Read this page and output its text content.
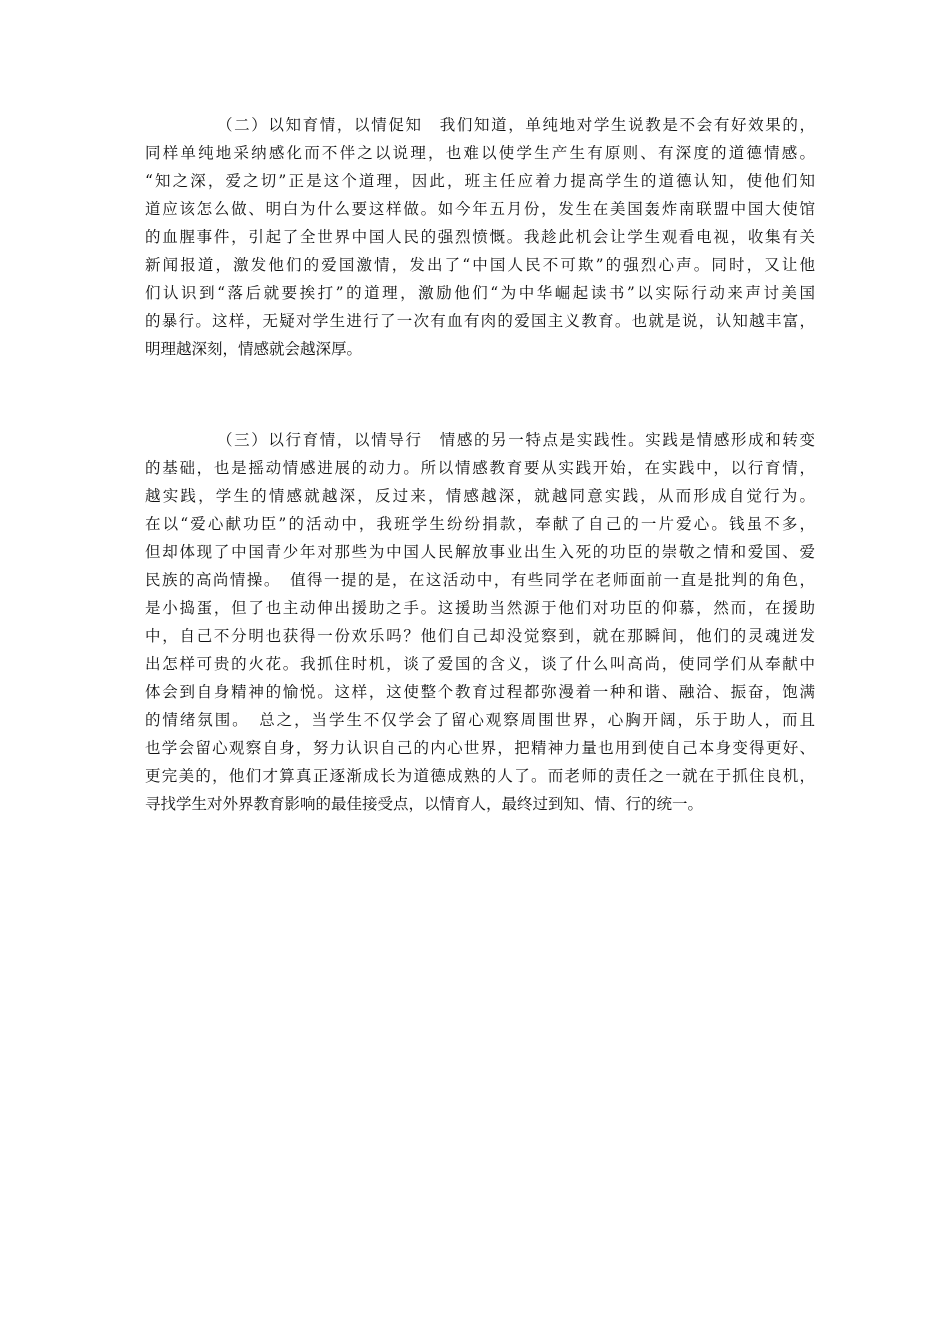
（二）以知育情，以情促知　我们知道，单纯地对学生说教是不会有好效果的，
同样单纯地采纳感化而不伴之以说理，也难以使学生产生有原则、有深度的道德情感。
“知之深，爱之切”正是这个道理，因此，班主任应着力提高学生的道德认知，使他们知
道应该怎么做、明白为什么要这样做。如今年五月份，发生在美国轰炸南联盟中国大使馆
的血腥事件，引起了全世界中国人民的强烈愤慨。我趁此机会让学生观看电视，收集有关
新闻报道，激发他们的爱国激情，发出了“中国人民不可欺”的强烈心声。同时，又让他
们认识到“落后就要挨打”的道理，激励他们“为中华崛起读书”以实际行动来声讨美国
的暴行。这样，无疑对学生进行了一次有血有肉的爱国主义教育。也就是说，认知越丰富，
明理越深刻，情感就会越深厚。
（三）以行育情，以情导行　情感的另一特点是实践性。实践是情感形成和转变
的基础，也是摇动情感进展的动力。所以情感教育要从实践开始，在实践中，以行育情，
越实践，学生的情感就越深，反过来，情感越深，就越同意实践，从而形成自觉行为。
在以“爱心献功臣”的活动中，我班学生纷纷捐款，奉献了自己的一片爱心。钱虽不多，
但却体现了中国青少年对那些为中国人民解放事业出生入死的功臣的崇敬之情和爱国、爱
民族的高尚情操。　值得一提的是，在这活动中，有些同学在老师面前一直是批判的角色，
是小捣蛋，但了也主动伸出援助之手。这援助当然源于他们对功臣的仰慕，然而，在援助
中，自己不分明也获得一份欢乐吗？他们自己却没觉察到，就在那瞬间，他们的灵魂迸发
出怎样可贵的火花。我抓住时机，谈了爱国的含义，谈了什么叫高尚，使同学们从奉献中
体会到自身精神的愉悦。这样，这使整个教育过程都弥漫着一种和谐、融洽、振奋，饱满
的情绪氛围。　总之，当学生不仅学会了留心观察周围世界，心胸开阔，乐于助人，而且
也学会留心观察自身，努力认识自己的内心世界，把精神力量也用到使自己本身变得更好、
更完美的，他们才算真正逐渐成长为道德成熟的人了。而老师的责任之一就在于抓住良机，
寻找学生对外界教育影响的最佳接受点，以情育人，最终过到知、情、行的统一。
